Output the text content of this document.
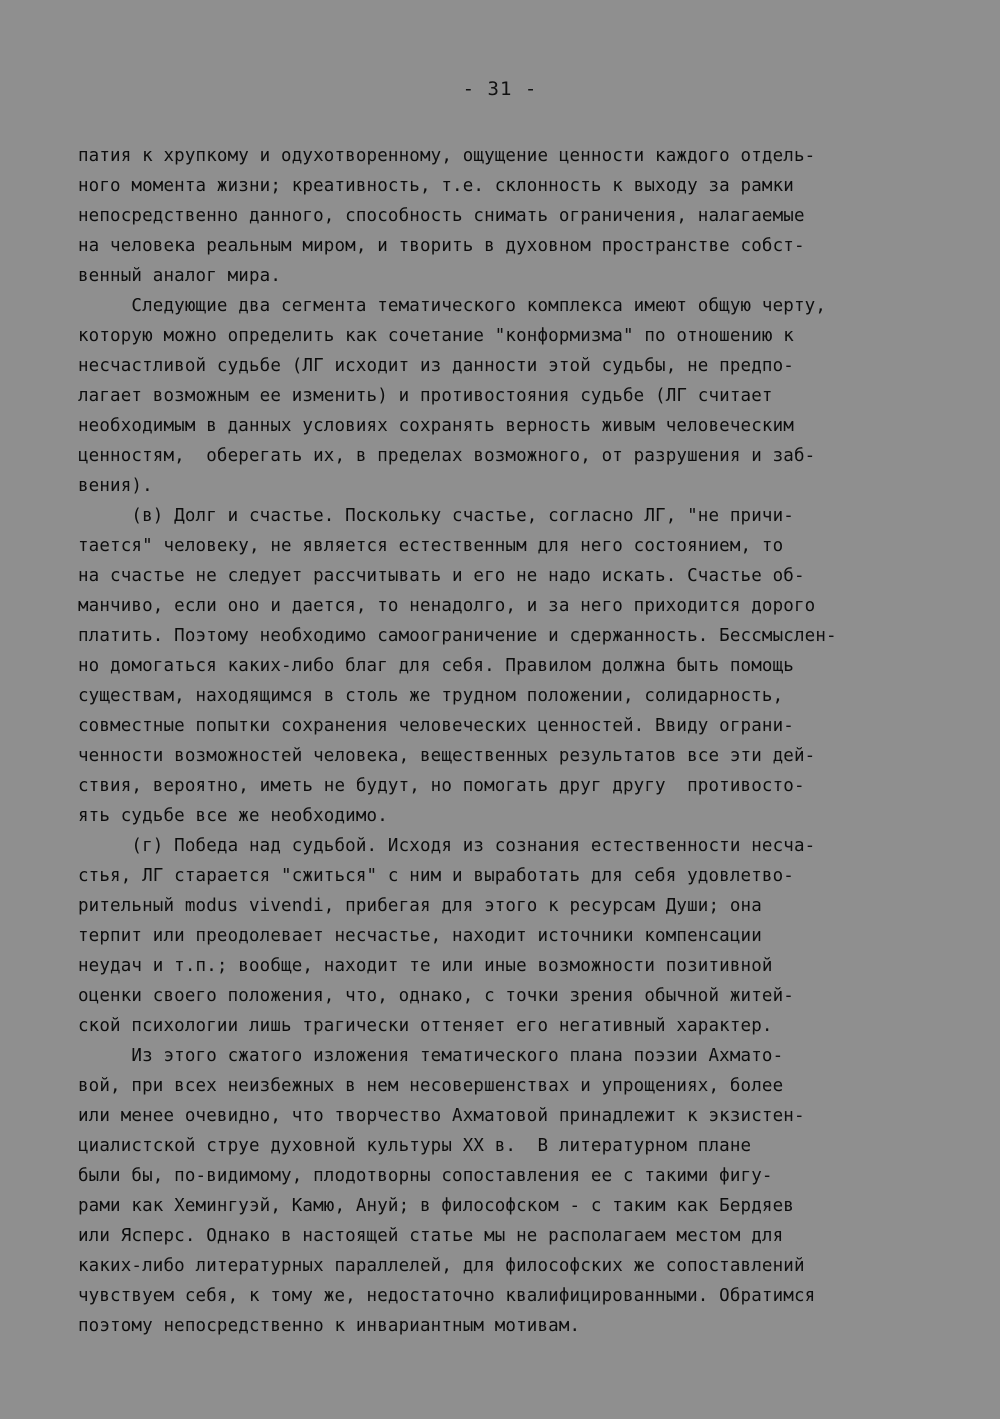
- 31 -
патия к хрупкому и одухотворенному, ощущение ценности каждого отдель-
ного момента жизни; креативность, т.е. склонность к выходу за рамки
непосредственно данного, способность снимать ограничения, налагаемые
на человека реальным миром, и творить в духовном пространстве собст-
венный аналог мира.
Следующие два сегмента тематического комплекса имеют общую черту,
которую можно определить как сочетание "конформизма" по отношению к
несчастливой судьбе (ЛГ исходит из данности этой судьбы, не предпо-
лагает возможным ее изменить) и противостояния судьбе (ЛГ считает
необходимым в данных условиях сохранять верность живым человеческим
ценностям,  оберегать их, в пределах возможного, от разрушения и заб-
вения).
(в) Долг и счастье. Поскольку счастье, согласно ЛГ, "не причи-
тается" человеку, не является естественным для него состоянием, то
на счастье не следует рассчитывать и его не надо искать. Счастье об-
манчиво, если оно и дается, то ненадолго, и за него приходится дорого
платить. Поэтому необходимо самоограничение и сдержанность. Бессмыслен-
но домогаться каких-либо благ для себя. Правилом должна быть помощь
существам, находящимся в столь же трудном положении, солидарность,
совместные попытки сохранения человеческих ценностей. Ввиду ограни-
ченности возможностей человека, вещественных результатов все эти дей-
ствия, вероятно, иметь не будут, но помогать друг другу  противосто-
ять судьбе все же необходимо.
(г) Победа над судьбой. Исходя из сознания естественности несча-
стья, ЛГ старается "сжиться" с ним и выработать для себя удовлетво-
рительный modus vivendi, прибегая для этого к ресурсам Души; она
терпит или преодолевает несчастье, находит источники компенсации
неудач и т.п.; вообще, находит те или иные возможности позитивной
оценки своего положения, что, однако, с точки зрения обычной житей-
ской психологии лишь трагически оттеняет его негативный характер.
Из этого сжатого изложения тематического плана поэзии Ахмато-
вой, при всех неизбежных в нем несовершенствах и упрощениях, более
или менее очевидно, что творчество Ахматовой принадлежит к экзистен-
циалистской струе духовной культуры XX в.  В литературном плане
были бы, по-видимому, плодотворны сопоставления ее с такими фигу-
рами как Хемингуэй, Камю, Ануй; в философском - с таким как Бердяев
или Ясперс. Однако в настоящей статье мы не располагаем местом для
каких-либо литературных параллелей, для философских же сопоставлений
чувствуем себя, к тому же, недостаточно квалифицированными. Обратимся
поэтому непосредственно к инвариантным мотивам.
